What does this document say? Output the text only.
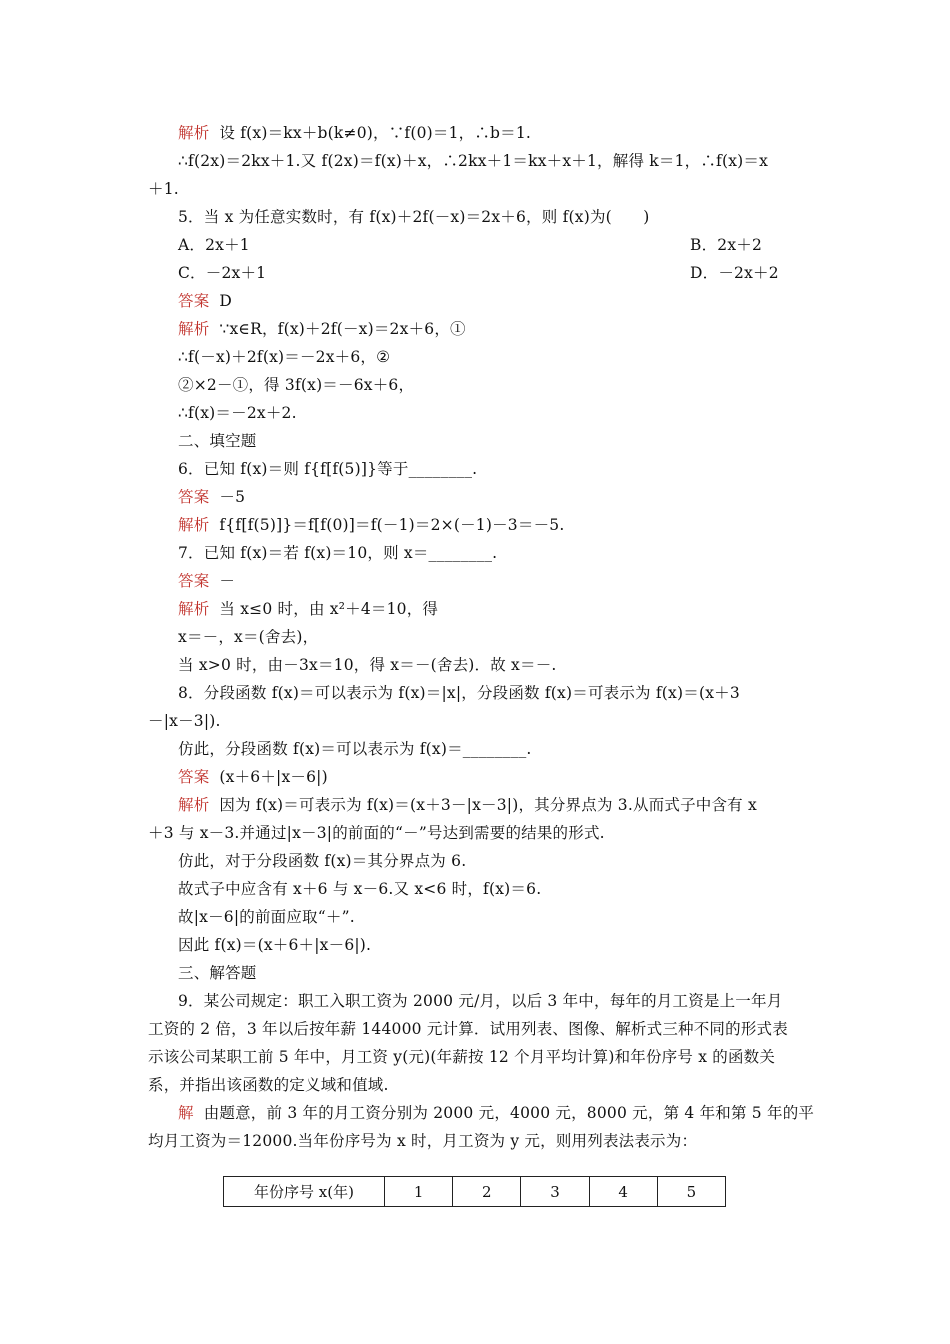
解析 设 f(x)＝kx＋b(k≠0)，∵f(0)＝1，∴b＝1.
∴f(2x)＝2kx＋1.又 f(2x)＝f(x)＋x，∴2kx＋1＝kx＋x＋1，解得 k＝1，∴f(x)＝x
＋1.
5．当 x 为任意实数时，有 f(x)＋2f(－x)＝2x＋6，则 f(x)为(　　)
A．2x＋1	B．2x＋2
C．－2x＋1	D．－2x＋2
答案 D
解析 ∵x∈R，f(x)＋2f(－x)＝2x＋6，①
∴f(－x)＋2f(x)＝－2x＋6，②
②×2－①，得 3f(x)＝－6x＋6，
∴f(x)＝－2x＋2.
二、填空题
6．已知 f(x)＝则 f{f[f(5)]}等于________.
答案 －5
解析 f{f[f(5)]}＝f[f(0)]＝f(－1)＝2×(－1)－3＝－5.
7．已知 f(x)＝若 f(x)＝10，则 x＝________.
答案 －
解析 当 x≤0 时，由 x²＋4＝10，得
x＝－，x＝(舍去)，
当 x>0 时，由－3x＝10，得 x＝－(舍去)．故 x＝－.
8．分段函数 f(x)＝可以表示为 f(x)＝|x|，分段函数 f(x)＝可表示为 f(x)＝(x＋3
－|x－3|).
仿此，分段函数 f(x)＝可以表示为 f(x)＝________.
答案 (x＋6＋|x－6|)
解析 因为 f(x)＝可表示为 f(x)＝(x＋3－|x－3|)，其分界点为 3.从而式子中含有 x
＋3 与 x－3.并通过|x－3|的前面的“－”号达到需要的结果的形式.
仿此，对于分段函数 f(x)＝其分界点为 6.
故式子中应含有 x＋6 与 x－6.又 x<6 时，f(x)＝6.
故|x－6|的前面应取“＋”.
因此 f(x)＝(x＋6＋|x－6|).
三、解答题
9．某公司规定：职工入职工资为 2000 元/月，以后 3 年中，每年的月工资是上一年月
工资的 2 倍，3 年以后按年薪 144000 元计算．试用列表、图像、解析式三种不同的形式表
示该公司某职工前 5 年中，月工资 y(元)(年薪按 12 个月平均计算)和年份序号 x 的函数关
系，并指出该函数的定义域和值域.
解 由题意，前 3 年的月工资分别为 2000 元，4000 元，8000 元，第 4 年和第 5 年的平
均月工资为＝12000.当年份序号为 x 时，月工资为 y 元，则用列表法表示为：
年份序号 x(年)	1	2	3	4	5
